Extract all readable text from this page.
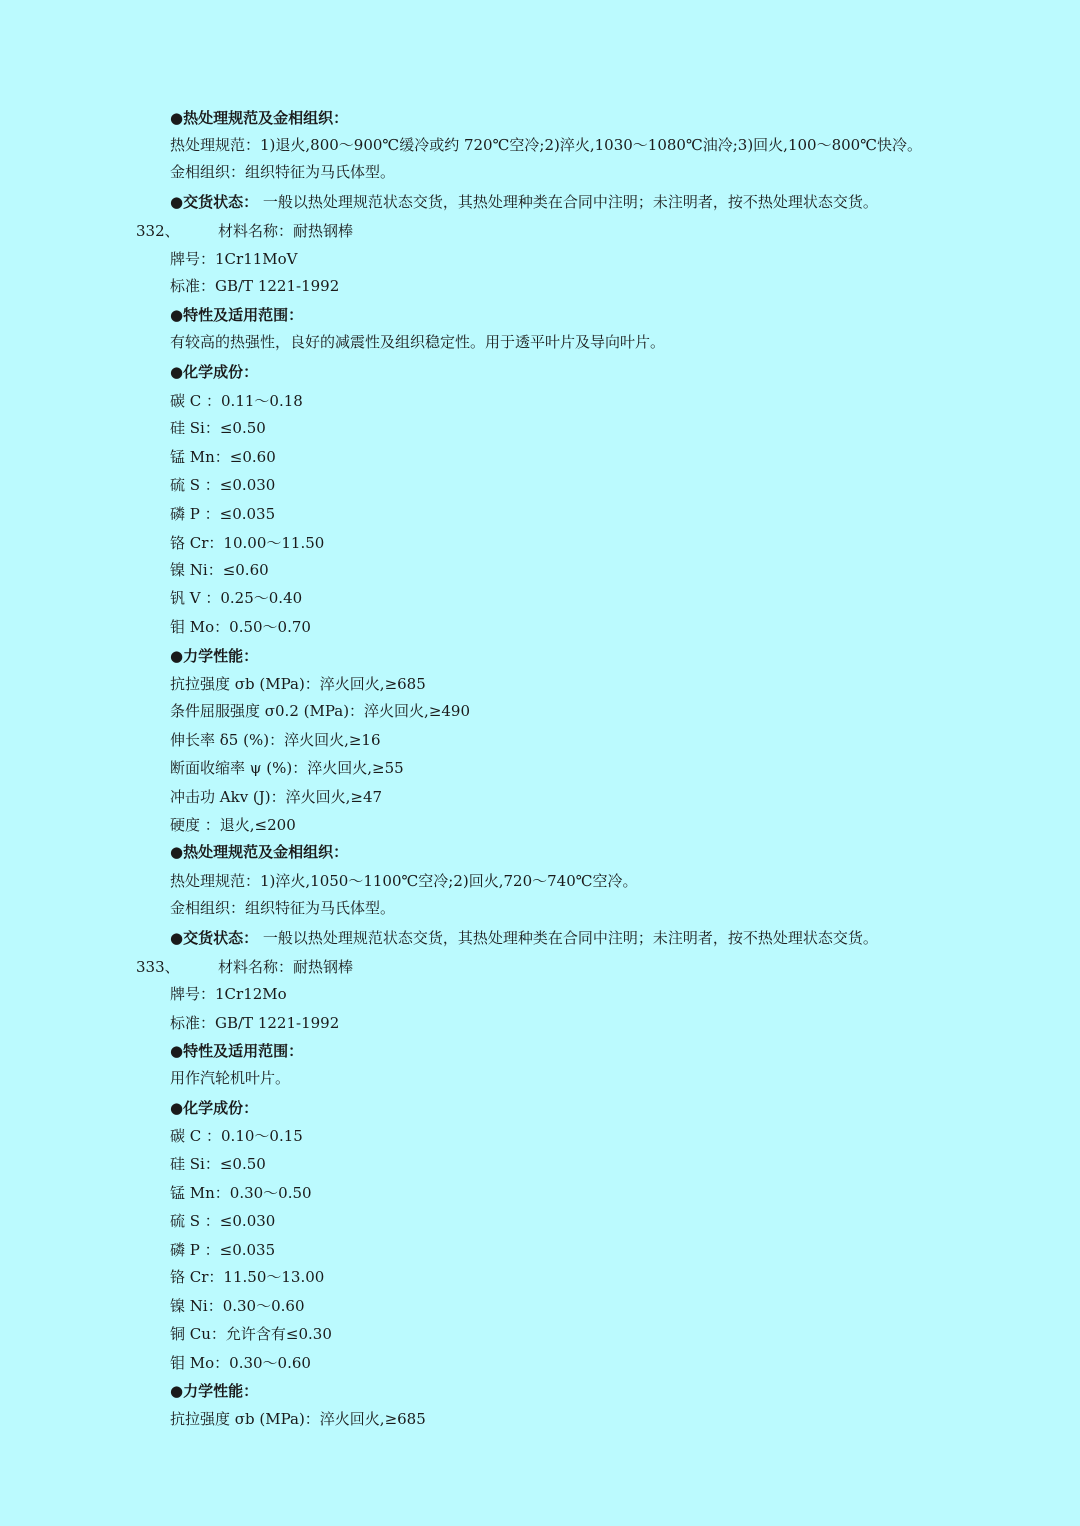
●热处理规范及金相组织：
热处理规范：1)退火,800～900℃缓冷或约 720℃空冷;2)淬火,1030～1080℃油冷;3)回火,100～800℃快冷。
金相组织：组织特征为马氏体型。
●交货状态： 一般以热处理规范状态交货，其热处理种类在合同中注明；未注明者，按不热处理状态交货。
332、	材料名称：耐热钢棒
牌号：1Cr11MoV
标准：GB/T 1221-1992
●特性及适用范围：
有较高的热强性，良好的减震性及组织稳定性。用于透平叶片及导向叶片。
●化学成份：
碳 C ：0.11～0.18
硅 Si：≤0.50
锰 Mn：≤0.60
硫 S ：≤0.030
磷 P ：≤0.035
铬 Cr：10.00～11.50
镍 Ni：≤0.60
钒 V ：0.25～0.40
钼 Mo：0.50～0.70
●力学性能：
抗拉强度 σb (MPa)：淬火回火,≥685
条件屈服强度 σ0.2 (MPa)：淬火回火,≥490
伸长率 δ5 (%)：淬火回火,≥16
断面收缩率 ψ (%)：淬火回火,≥55
冲击功 Akv (J)：淬火回火,≥47
硬度 ：退火,≤200
●热处理规范及金相组织：
热处理规范：1)淬火,1050～1100℃空冷;2)回火,720～740℃空冷。
金相组织：组织特征为马氏体型。
●交货状态： 一般以热处理规范状态交货，其热处理种类在合同中注明；未注明者，按不热处理状态交货。
333、	材料名称：耐热钢棒
牌号：1Cr12Mo
标准：GB/T 1221-1992
●特性及适用范围：
用作汽轮机叶片。
●化学成份：
碳 C ：0.10～0.15
硅 Si：≤0.50
锰 Mn：0.30～0.50
硫 S ：≤0.030
磷 P ：≤0.035
铬 Cr：11.50～13.00
镍 Ni：0.30～0.60
铜 Cu：允许含有≤0.30
钼 Mo：0.30～0.60
●力学性能：
抗拉强度 σb (MPa)：淬火回火,≥685
